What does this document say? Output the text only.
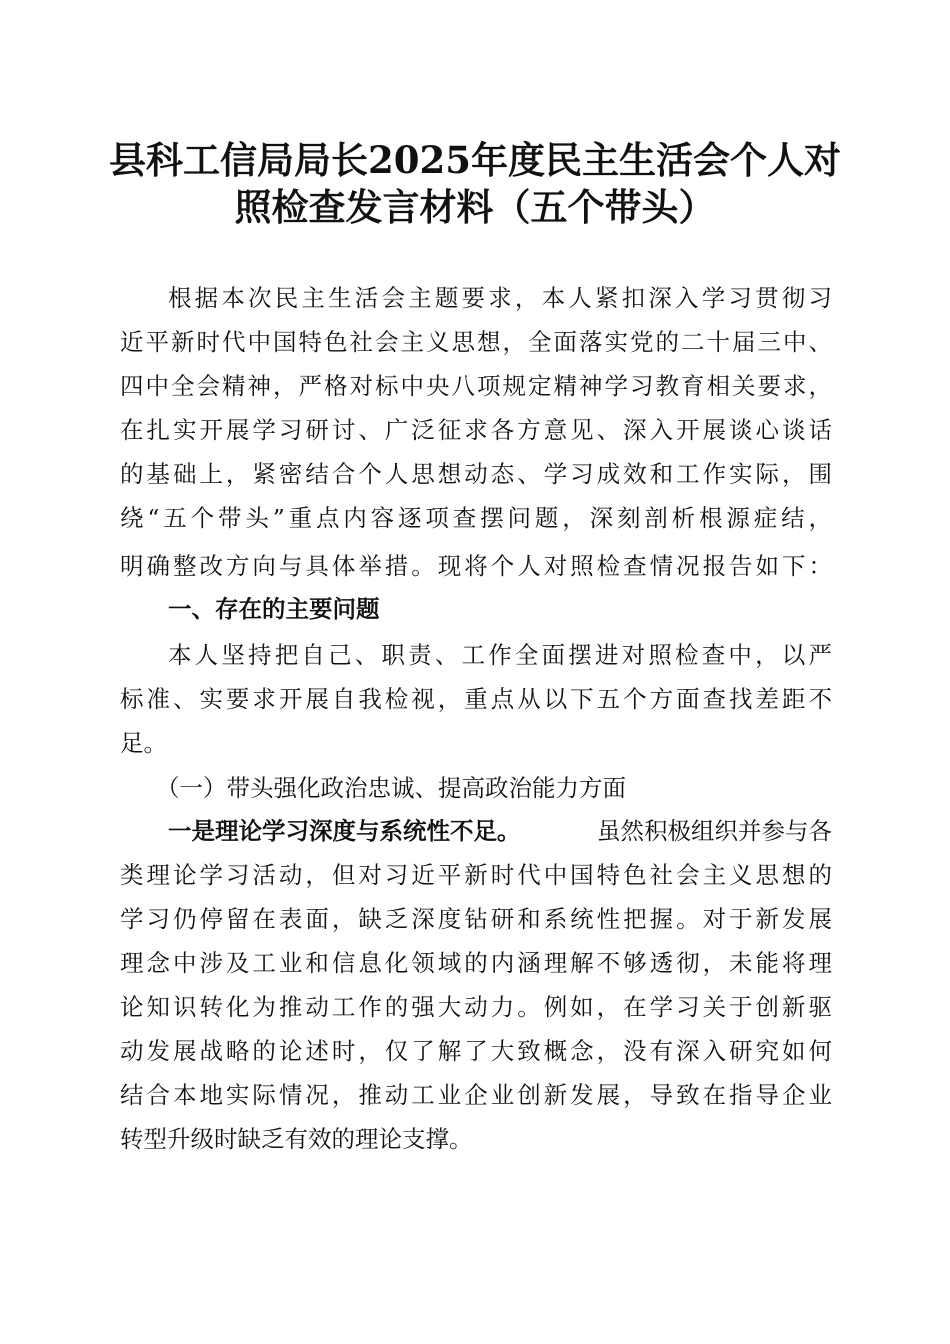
县科工信局局长2025年度民主生活会个人对
照检查发言材料（五个带头）
根据本次民主生活会主题要求，本人紧扣深入学习贯彻习
近平新时代中国特色社会主义思想，全面落实党的二十届三中、
四中全会精神，严格对标中央八项规定精神学习教育相关要求，
在扎实开展学习研讨、广泛征求各方意见、深入开展谈心谈话
的基础上，紧密结合个人思想动态、学习成效和工作实际，围
绕“五个带头”重点内容逐项查摆问题，深刻剖析根源症结，
明确整改方向与具体举措。现将个人对照检查情况报告如下：
一、存在的主要问题
本人坚持把自己、职责、工作全面摆进对照检查中，以严
标准、实要求开展自我检视，重点从以下五个方面查找差距不
足。
（一）带头强化政治忠诚、提高政治能力方面
一是理论学习深度与系统性不足。	虽然积极组织并参与各
类理论学习活动，但对习近平新时代中国特色社会主义思想的
学习仍停留在表面，缺乏深度钻研和系统性把握。对于新发展
理念中涉及工业和信息化领域的内涵理解不够透彻，未能将理
论知识转化为推动工作的强大动力。例如，在学习关于创新驱
动发展战略的论述时，仅了解了大致概念，没有深入研究如何
结合本地实际情况，推动工业企业创新发展，导致在指导企业
转型升级时缺乏有效的理论支撑。
